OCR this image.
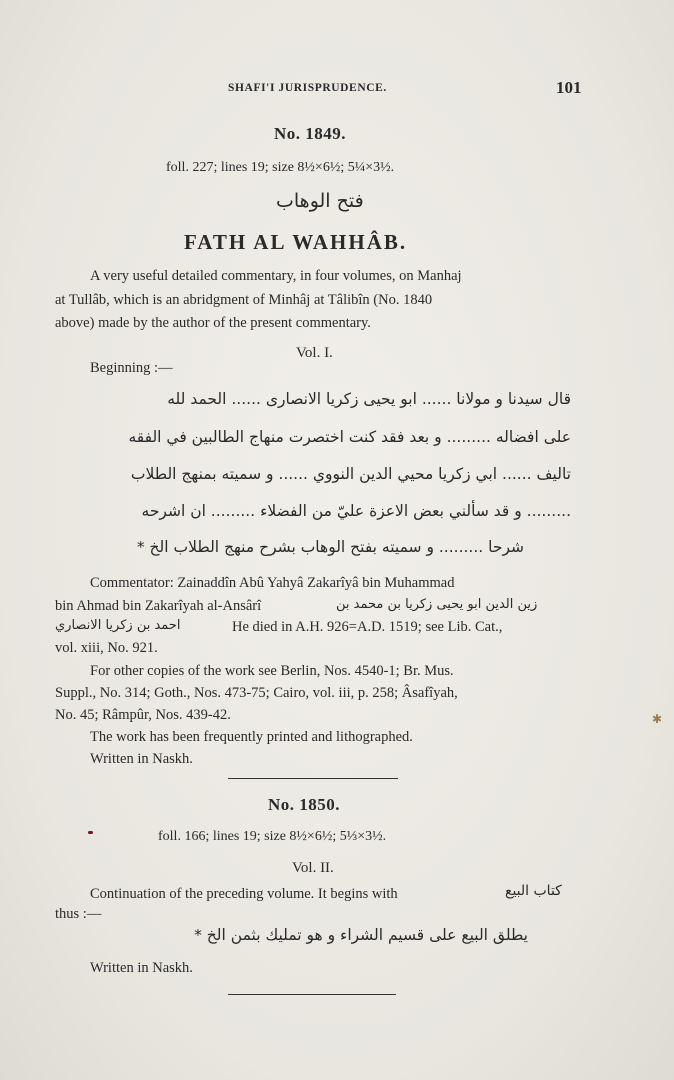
SHAFI'I JURISPRUDENCE.	101
No. 1849.
foll. 227; lines 19; size 8½×6½; 5¼×3½.
فتح الوهاب
FATH AL WAHHÂB.
A very useful detailed commentary, in four volumes, on Manhaj
at Tullâb, which is an abridgment of Minhâj at Tâlibîn (No. 1840
above) made by the author of the present commentary.
Vol. I.
Beginning :—
قال سيدنا و مولانا ...... ابو يحيى زكريا الانصارى ...... الحمد لله
على افضاله ......... و بعد فقد كنت اختصرت منهاج الطالبين في الفقه
تاليف ...... ابي زكريا محيي الدين النووي ...... و سميته بمنهج الطلاب
......... و قد سألني بعض الاعزة عليّ من الفضلاء ......... ان اشرحه
شرحا ......... و سميته بفتح الوهاب بشرح منهج الطلاب الخ *
Commentator: Zainaddîn Abû Yahyâ Zakarîyâ bin Muhammad
bin Ahmad bin Zakarîyah al-Ansârî	زين الدين ابو يحيى زكريا بن محمد بن
احمد بن زكريا الانصاري	He died in A.H. 926=A.D. 1519; see Lib. Cat.,
vol. xiii, No. 921.
For other copies of the work see Berlin, Nos. 4540-1; Br. Mus.
Suppl., No. 314; Goth., Nos. 473-75; Cairo, vol. iii, p. 258; Âsafîyah,
No. 45; Râmpûr, Nos. 439-42.
The work has been frequently printed and lithographed.
Written in Naskh.
No. 1850.
foll. 166; lines 19; size 8½×6½; 5⅓×3½.
Vol. II.
Continuation of the preceding volume. It begins with	كتاب البيع
thus :—
يطلق البيع على قسيم الشراء و هو تمليك بثمن الخ *
Written in Naskh.
✱
